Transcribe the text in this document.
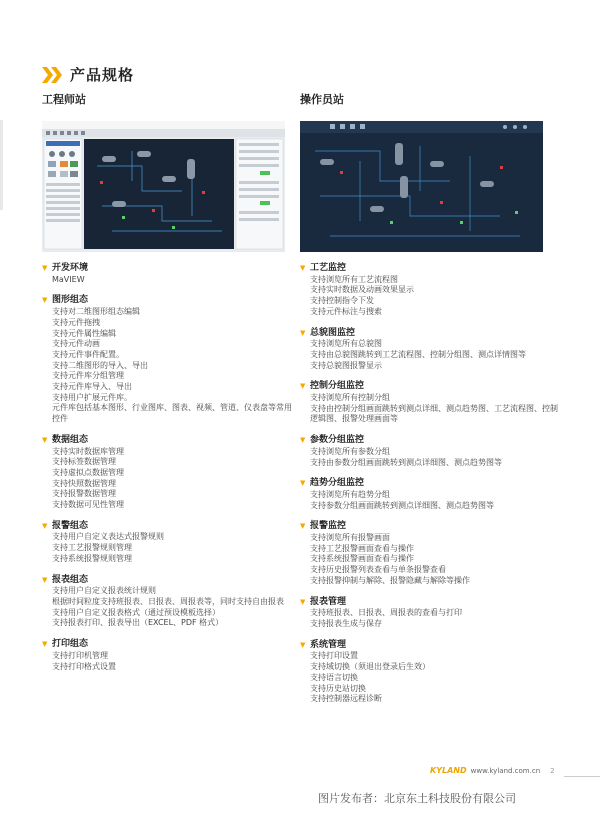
产品规格
工程师站	操作员站
▼ 开发环境
MaVIEW
▼ 图形组态
支持对二维图形组态编辑
支持元件拖拽
支持元件属性编辑
支持元件动画
支持元件事件配置。
支持二维图形的导入、导出
支持元件库分组管理
支持元件库导入、导出
支持用户扩展元件库。
元件库包括基本图形、行业图库、图表、视频、管道、仪表盘等常用控件
▼ 数据组态
支持实时数据库管理
支持标签数据管理
支持虚拟点数据管理
支持快照数据管理
支持报警数据管理
支持数据可见性管理
▼ 报警组态
支持用户自定义表达式报警规则
支持工艺报警规则管理
支持系统报警规则管理
▼ 报表组态
支持用户自定义报表统计规则
根据时间粒度支持班报表、日报表、周报表等，同时支持自由报表
支持用户自定义报表格式（通过预设模板选择）
支持报表打印、报表导出（EXCEL、PDF 格式）
▼ 打印组态
支持打印机管理
支持打印格式设置
▼ 工艺监控
支持浏览所有工艺流程图
支持实时数据及动画效果显示
支持控制指令下发
支持元件标注与搜索
▼ 总貌图监控
支持浏览所有总貌图
支持由总貌图跳转到工艺流程图、控制分组图、测点详情图等
支持总貌图报警显示
▼ 控制分组监控
支持浏览所有控制分组
支持由控制分组画面跳转到测点详细、测点趋势图、工艺流程图、控制逻辑图、报警处理画面等
▼ 参数分组监控
支持浏览所有参数分组
支持由参数分组画面跳转到测点详细图、测点趋势图等
▼ 趋势分组监控
支持浏览所有趋势分组
支持参数分组画面跳转到测点详细图、测点趋势图等
▼ 报警监控
支持浏览所有报警画面
支持工艺报警画面查看与操作
支持系统报警画面查看与操作
支持历史报警列表查看与单条报警查看
支持报警抑制与解除、报警隐藏与解除等操作
▼ 报表管理
支持班报表、日报表、周报表的查看与打印
支持报表生成与保存
▼ 系统管理
支持打印设置
支持域切换（须退出登录后生效）
支持语言切换
支持历史站切换
支持控制器远程诊断
KYLAND www.kyland.com.cn 2
图片发布者：北京东土科技股份有限公司
